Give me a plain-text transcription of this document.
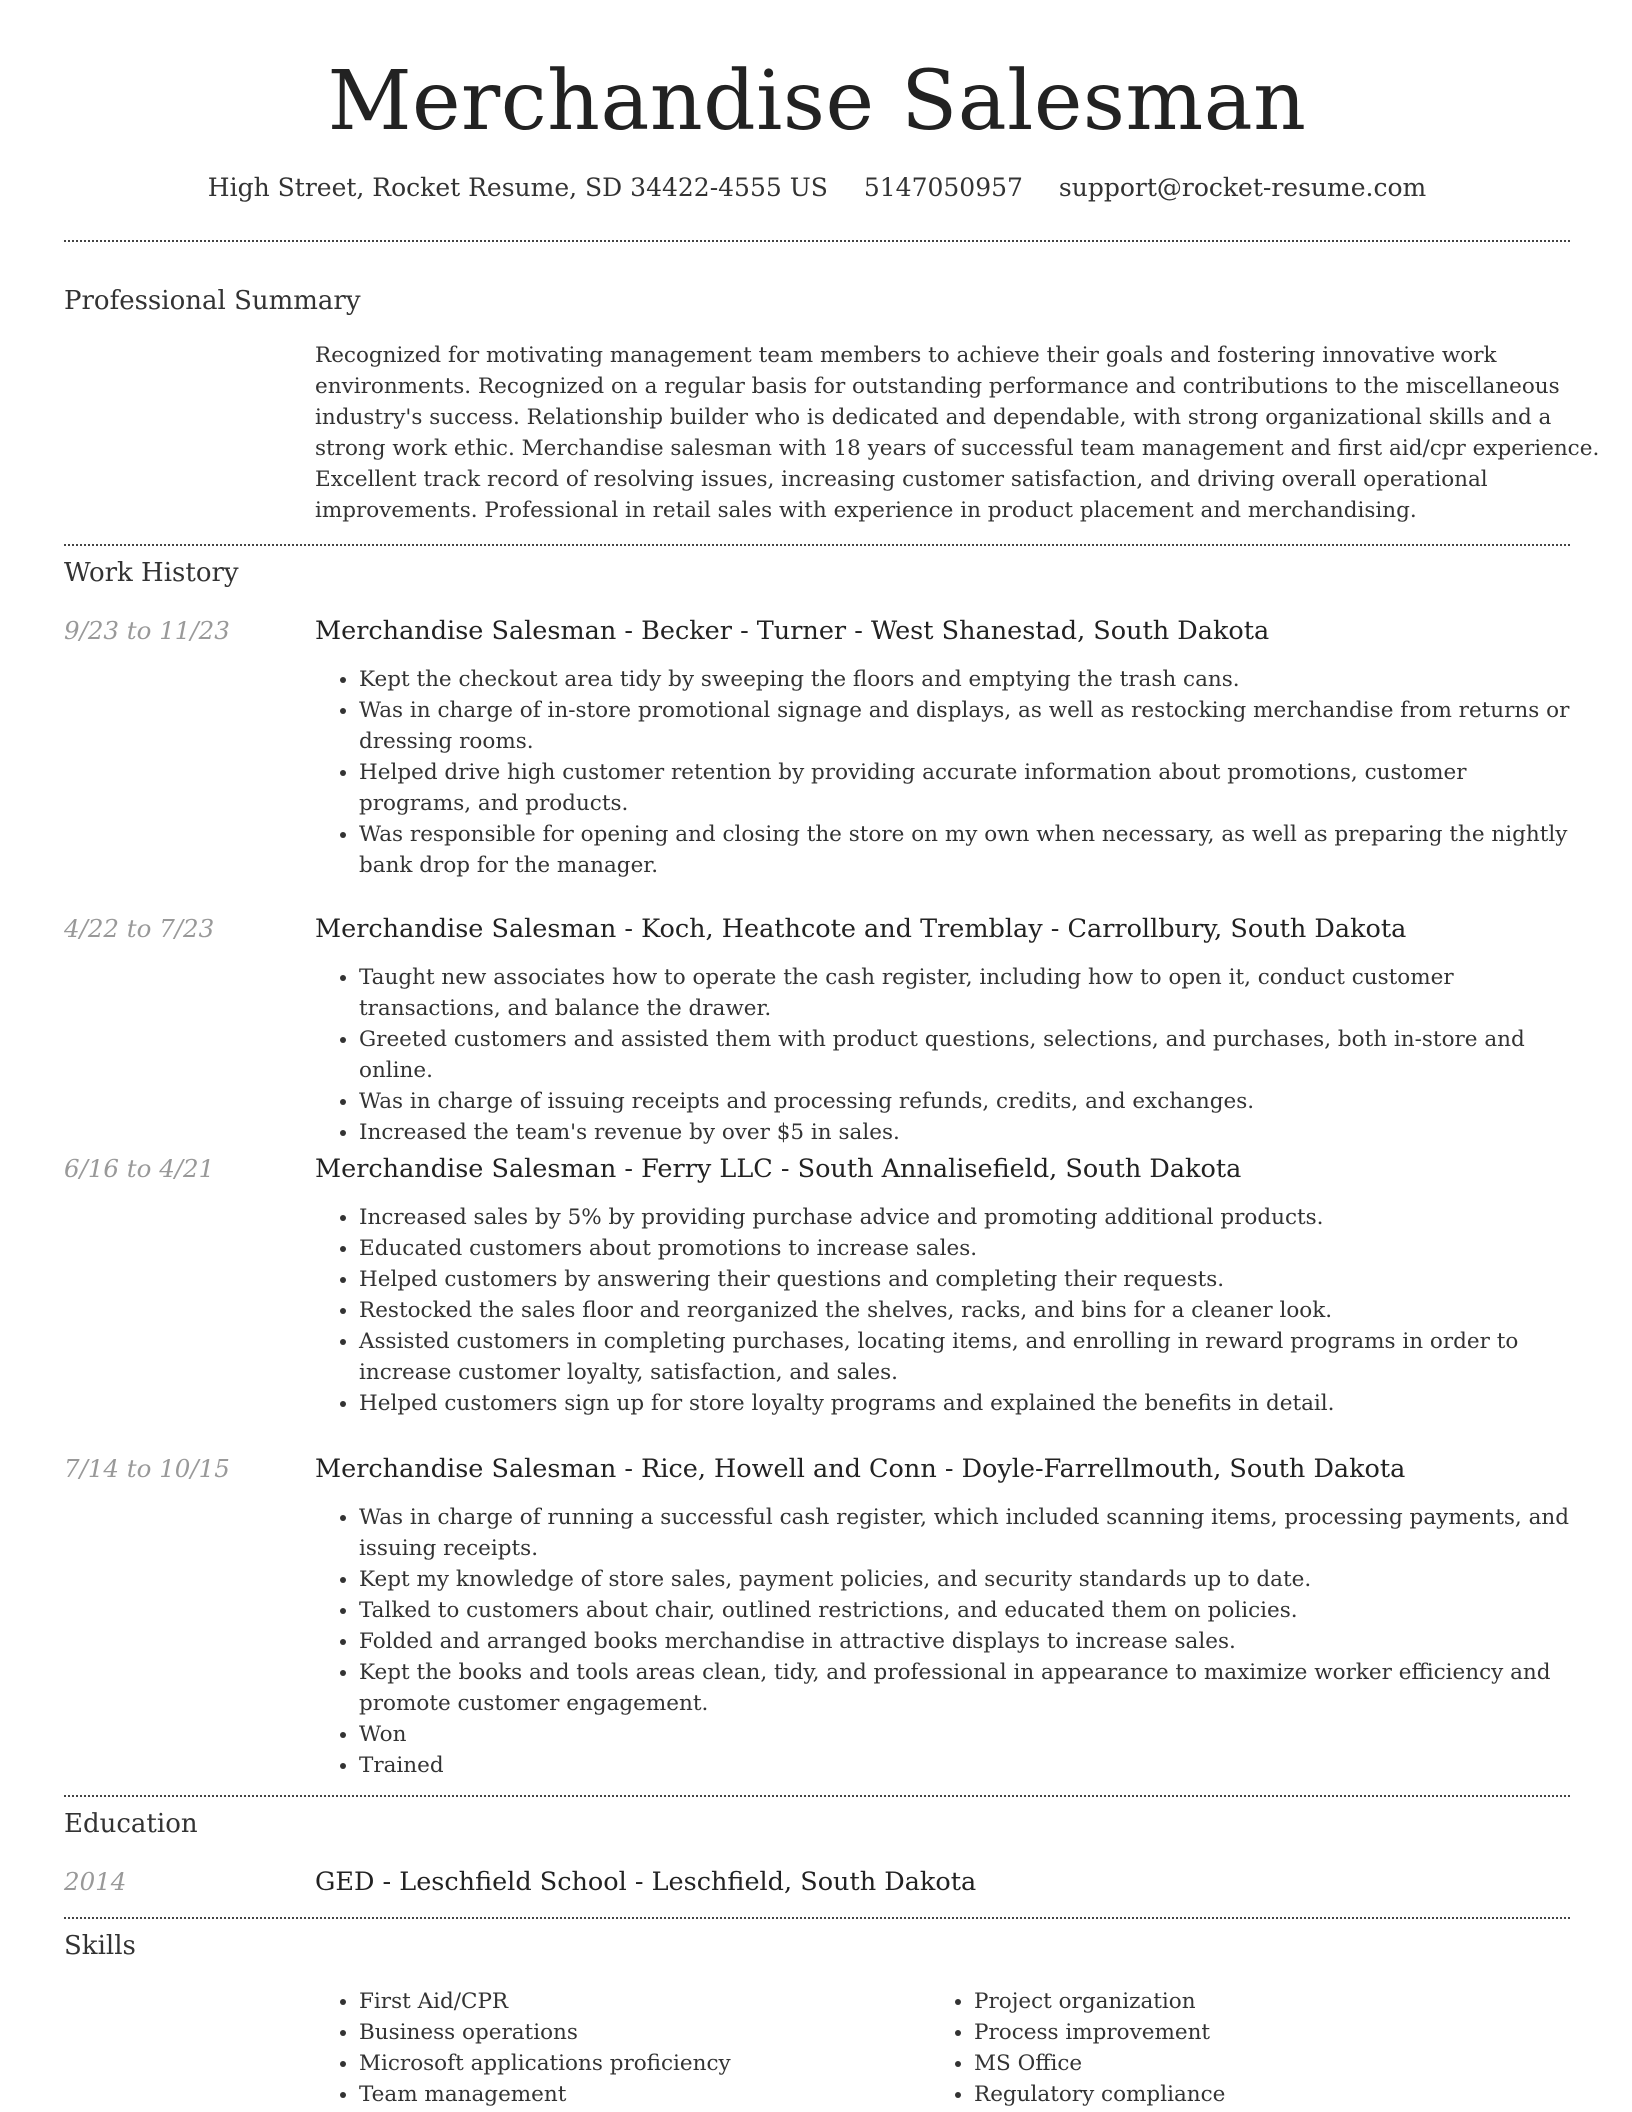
Merchandise Salesman
High Street, Rocket Resume, SD 34422-4555 US 5147050957 support@rocket-resume.com
Professional Summary
Recognized for motivating management team members to achieve their goals and fostering innovative work environments. Recognized on a regular basis for outstanding performance and contributions to the miscellaneous industry's success. Relationship builder who is dedicated and dependable, with strong organizational skills and a strong work ethic. Merchandise salesman with 18 years of successful team management and first aid/cpr experience. Excellent track record of resolving issues, increasing customer satisfaction, and driving overall operational improvements. Professional in retail sales with experience in product placement and merchandising.
Work History
9/23 to 11/23	Merchandise Salesman - Becker - Turner - West Shanestad, South Dakota
• Kept the checkout area tidy by sweeping the floors and emptying the trash cans.
• Was in charge of in-store promotional signage and displays, as well as restocking merchandise from returns or dressing rooms.
• Helped drive high customer retention by providing accurate information about promotions, customer programs, and products.
• Was responsible for opening and closing the store on my own when necessary, as well as preparing the nightly bank drop for the manager.
4/22 to 7/23	Merchandise Salesman - Koch, Heathcote and Tremblay - Carrollbury, South Dakota
• Taught new associates how to operate the cash register, including how to open it, conduct customer transactions, and balance the drawer.
• Greeted customers and assisted them with product questions, selections, and purchases, both in-store and online.
• Was in charge of issuing receipts and processing refunds, credits, and exchanges.
• Increased the team's revenue by over $5 in sales.
6/16 to 4/21	Merchandise Salesman - Ferry LLC - South Annalisefield, South Dakota
• Increased sales by 5% by providing purchase advice and promoting additional products.
• Educated customers about promotions to increase sales.
• Helped customers by answering their questions and completing their requests.
• Restocked the sales floor and reorganized the shelves, racks, and bins for a cleaner look.
• Assisted customers in completing purchases, locating items, and enrolling in reward programs in order to increase customer loyalty, satisfaction, and sales.
• Helped customers sign up for store loyalty programs and explained the benefits in detail.
7/14 to 10/15	Merchandise Salesman - Rice, Howell and Conn - Doyle-Farrellmouth, South Dakota
• Was in charge of running a successful cash register, which included scanning items, processing payments, and issuing receipts.
• Kept my knowledge of store sales, payment policies, and security standards up to date.
• Talked to customers about chair, outlined restrictions, and educated them on policies.
• Folded and arranged books merchandise in attractive displays to increase sales.
• Kept the books and tools areas clean, tidy, and professional in appearance to maximize worker efficiency and promote customer engagement.
• Won
• Trained
Education
2014	GED - Leschfield School - Leschfield, South Dakota
Skills
• First Aid/CPR
• Business operations
• Microsoft applications proficiency
• Team management
• Project organization
• Process improvement
• MS Office
• Regulatory compliance
